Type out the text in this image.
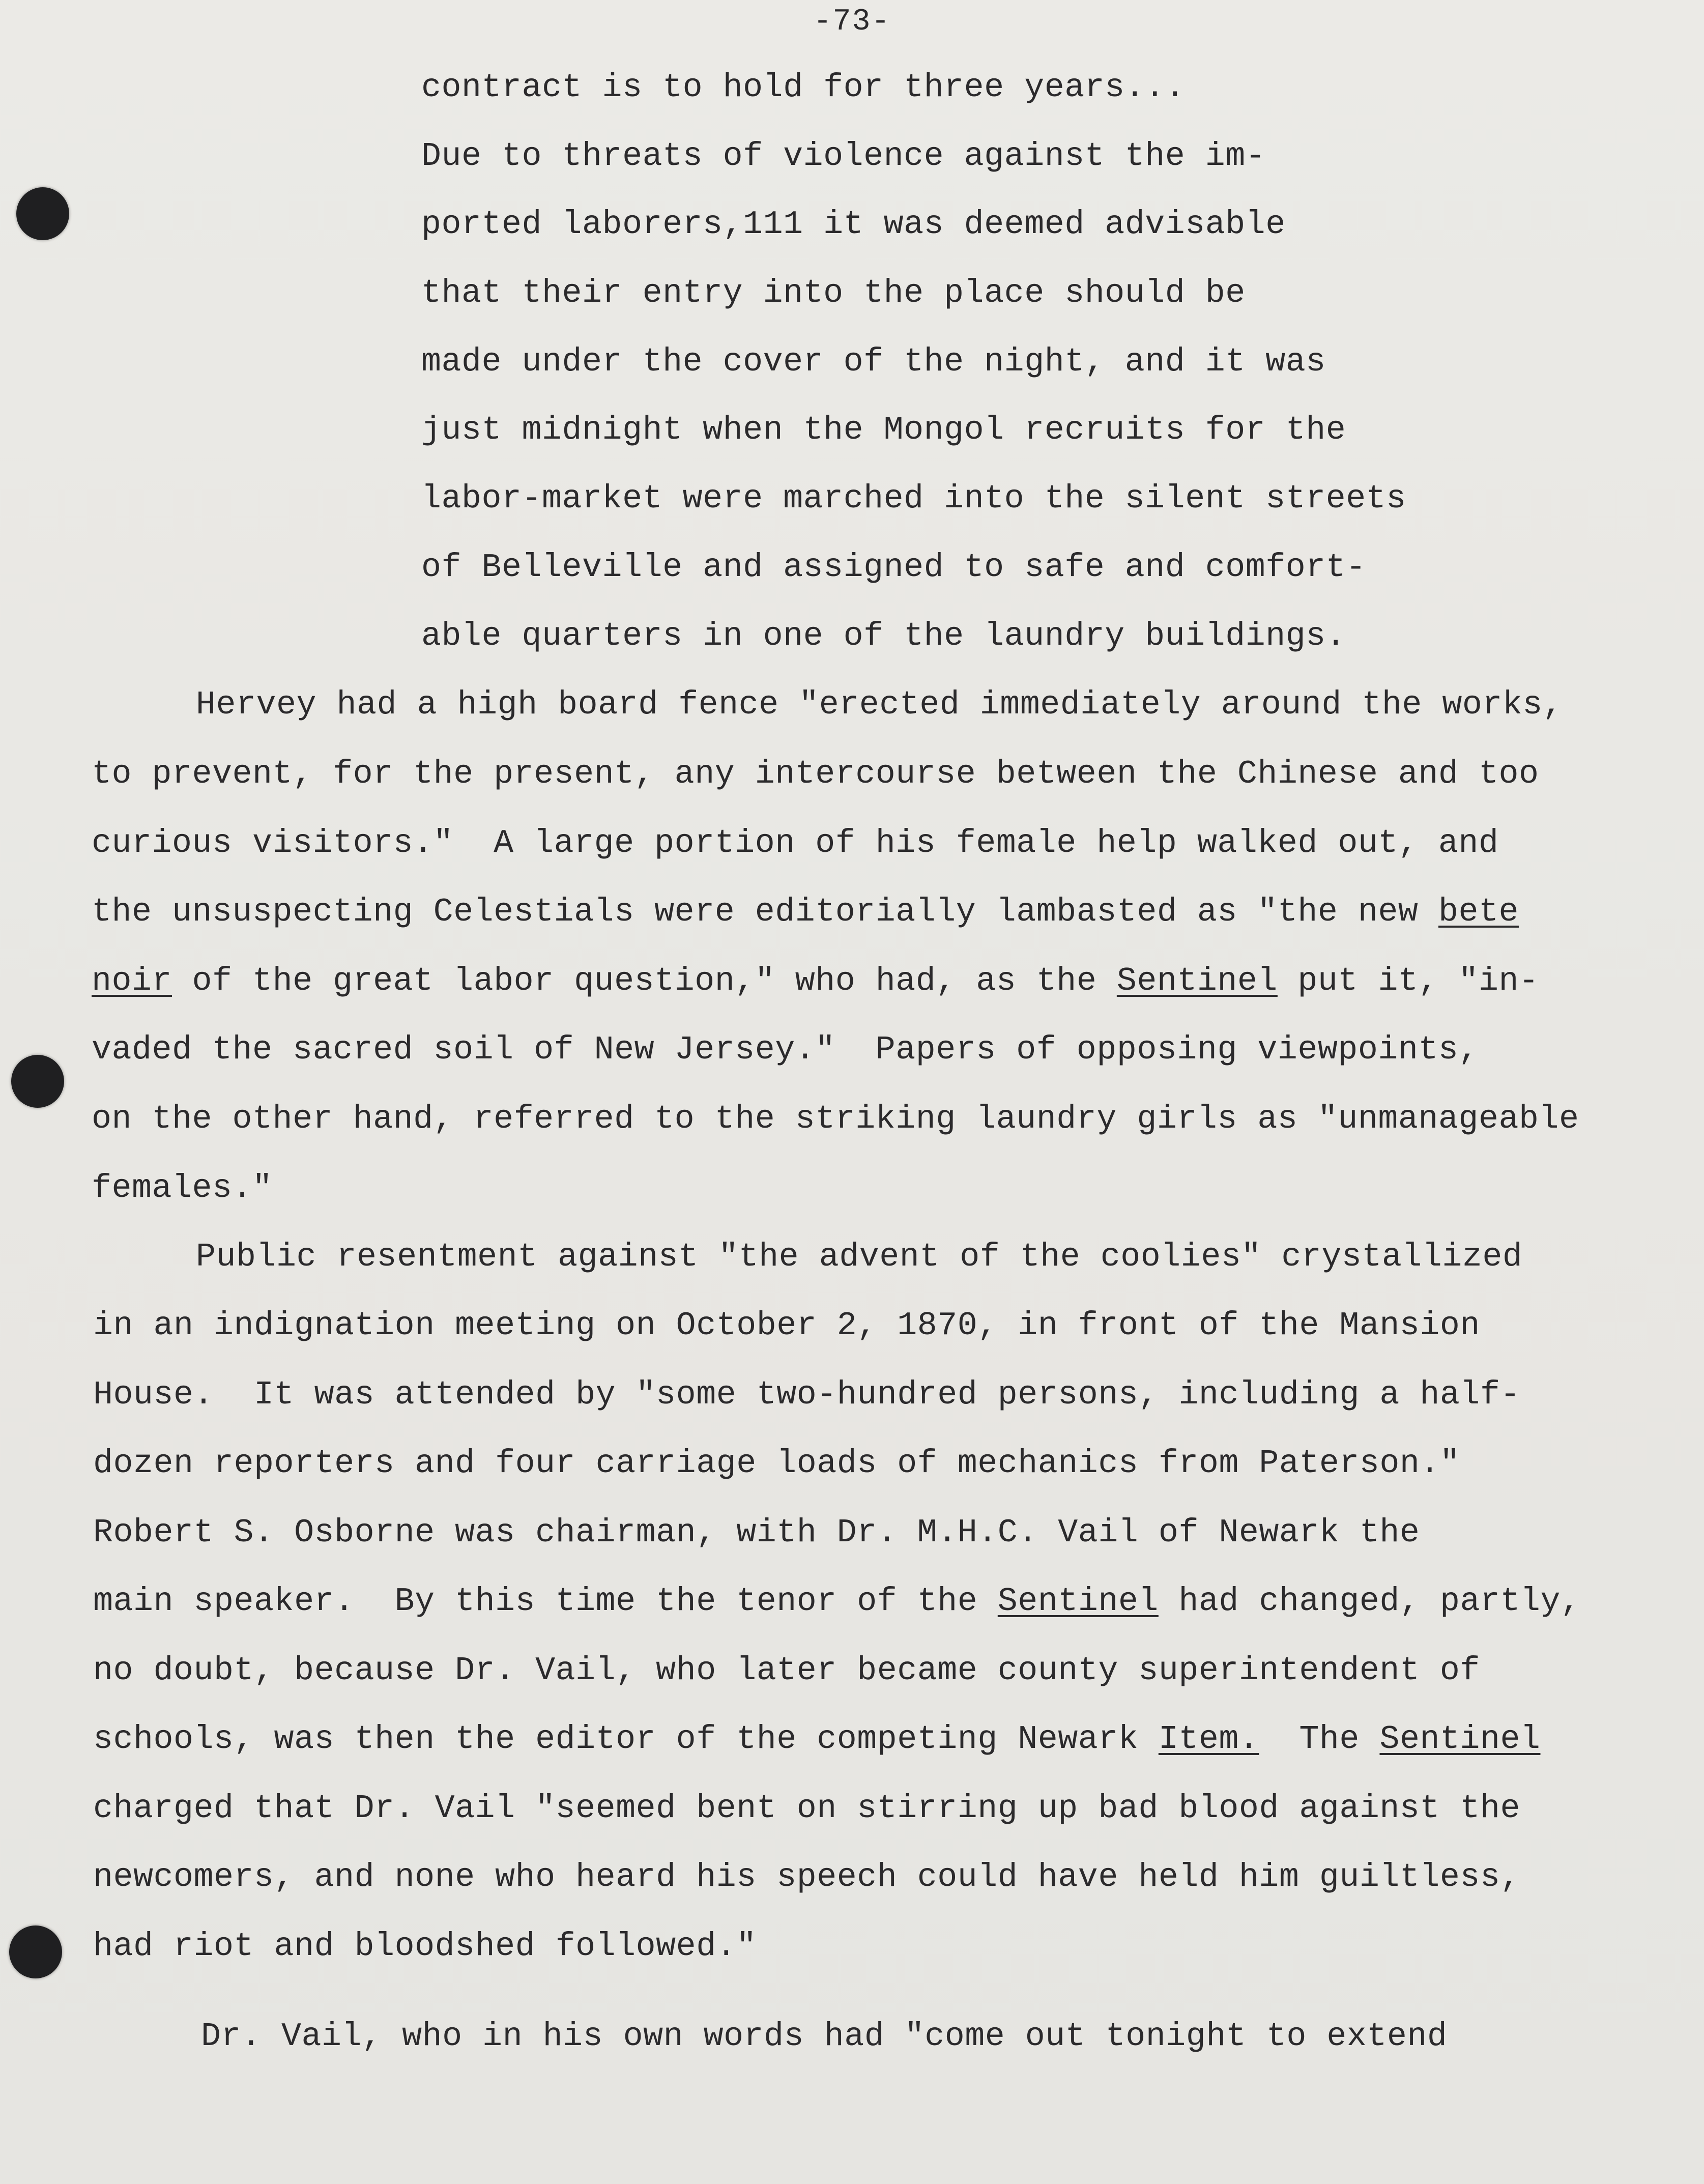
-73-
contract is to hold for three years...
Due to threats of violence against the im-
ported laborers,111 it was deemed advisable
that their entry into the place should be
made under the cover of the night, and it was
just midnight when the Mongol recruits for the
labor-market were marched into the silent streets
of Belleville and assigned to safe and comfort-
able quarters in one of the laundry buildings.
Hervey had a high board fence "erected immediately around the works,
to prevent, for the present, any intercourse between the Chinese and too
curious visitors."  A large portion of his female help walked out, and
the unsuspecting Celestials were editorially lambasted as "the new bete
noir of the great labor question," who had, as the Sentinel put it, "in-
vaded the sacred soil of New Jersey."  Papers of opposing viewpoints,
on the other hand, referred to the striking laundry girls as "unmanageable
females."
Public resentment against "the advent of the coolies" crystallized
in an indignation meeting on October 2, 1870, in front of the Mansion
House.  It was attended by "some two-hundred persons, including a half-
dozen reporters and four carriage loads of mechanics from Paterson."
Robert S. Osborne was chairman, with Dr. M.H.C. Vail of Newark the
main speaker.  By this time the tenor of the Sentinel had changed, partly,
no doubt, because Dr. Vail, who later became county superintendent of
schools, was then the editor of the competing Newark Item.  The Sentinel
charged that Dr. Vail "seemed bent on stirring up bad blood against the
newcomers, and none who heard his speech could have held him guiltless,
had riot and bloodshed followed."
Dr. Vail, who in his own words had "come out tonight to extend
